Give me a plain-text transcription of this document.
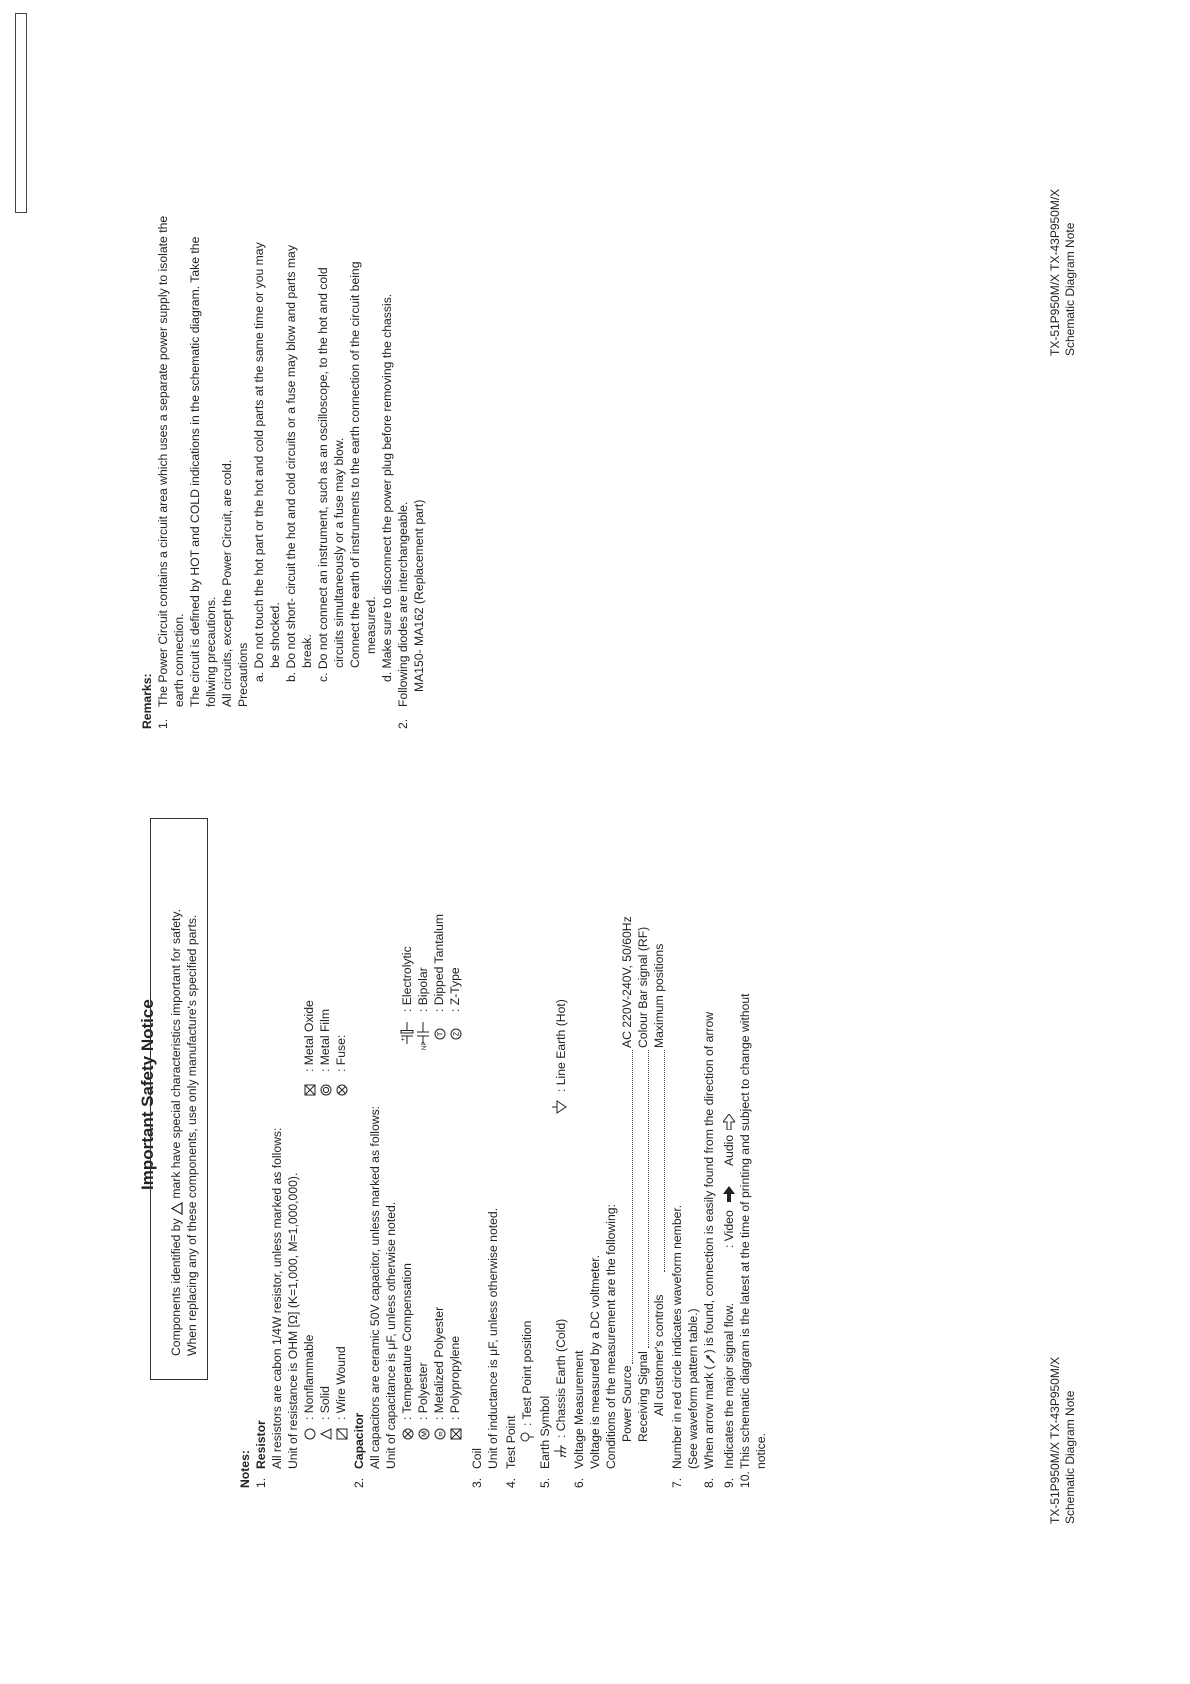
Important Safety Notice
Components identified by  mark have special characteristics important for safety. When replacing any of these components, use only manufacture's specified parts.
Notes: 1.
Resistor All resistors are cabon 1/4W resistor, unless marked as follows: Unit of resistance is OHM [Ω] (K=1,000, M=1,000,000). : Nonflammable : Solid : Wire Wound
: Metal Oxide : Metal Film : Fuse:
2.
Capacitor All capacitors are ceramic 50V capacitor, unless marked as follows: Unit of capacitance is μF, unless otherwise noted.	M m
: Temperature Compensation : Polyester : Metalized Polyester : Polypropylene
+
NP
T Z
: Electrolytic : Bipolar : Dipped Tantalum : Z-Type
3.
Coil Unit of inductance is μF, unless otherwise noted.
4.
Test Point
: Test Point position
5.
Earth Symbol : Chassis Earth (Cold)
: Line Earth (Hot)
6.
Voltage Measurement Voltage is measured by a DC voltmeter. Conditions of the measurement are the following: Power Source
AC 220V-240V, 50/60Hz
Receiving Signal
Colour Bar signal (RF)
All customer's controls
Maximum positions
7.
Number in red circle indicates waveform nember. (See waveform pattern table.)
8.
When arrow mark () is found, connection is easily found from the direction of arrow
9.
Indicates the major signal flow.
: Video
Audio
10.
This schematic diagram is the latest at the time of printing and subject to change without notice.
Remarks: 1.
The Power Circuit contains a circuit area which uses a separate power supply to isolate the earth connection. The circuit is defined by HOT and COLD indications in the schematic diagram. Take the follwing precautions. All circuits, except the Power Circuit, are cold. Precautions a. Do not touch the hot part or the hot and cold parts at the same time or you may be shocked. b. Do not short- circuit the hot and cold circuits or a fuse may blow and parts may break. c. Do not connect an instrument, such as an oscilloscope, to the hot and cold circuits simultaneously or a fuse may blow. Connect the earth of instruments to the earth connection of the circuit being measured. d. Make sure to disconnect the power plug before removing the chassis.
2.
Following diodes are interchangeable. MA150- MA162 (Replacement part)
TX-51P950M/X TX-43P950M/X Schematic Diagram Note
TX-51P950M/X TX-43P950M/X Schematic Diagram Note
